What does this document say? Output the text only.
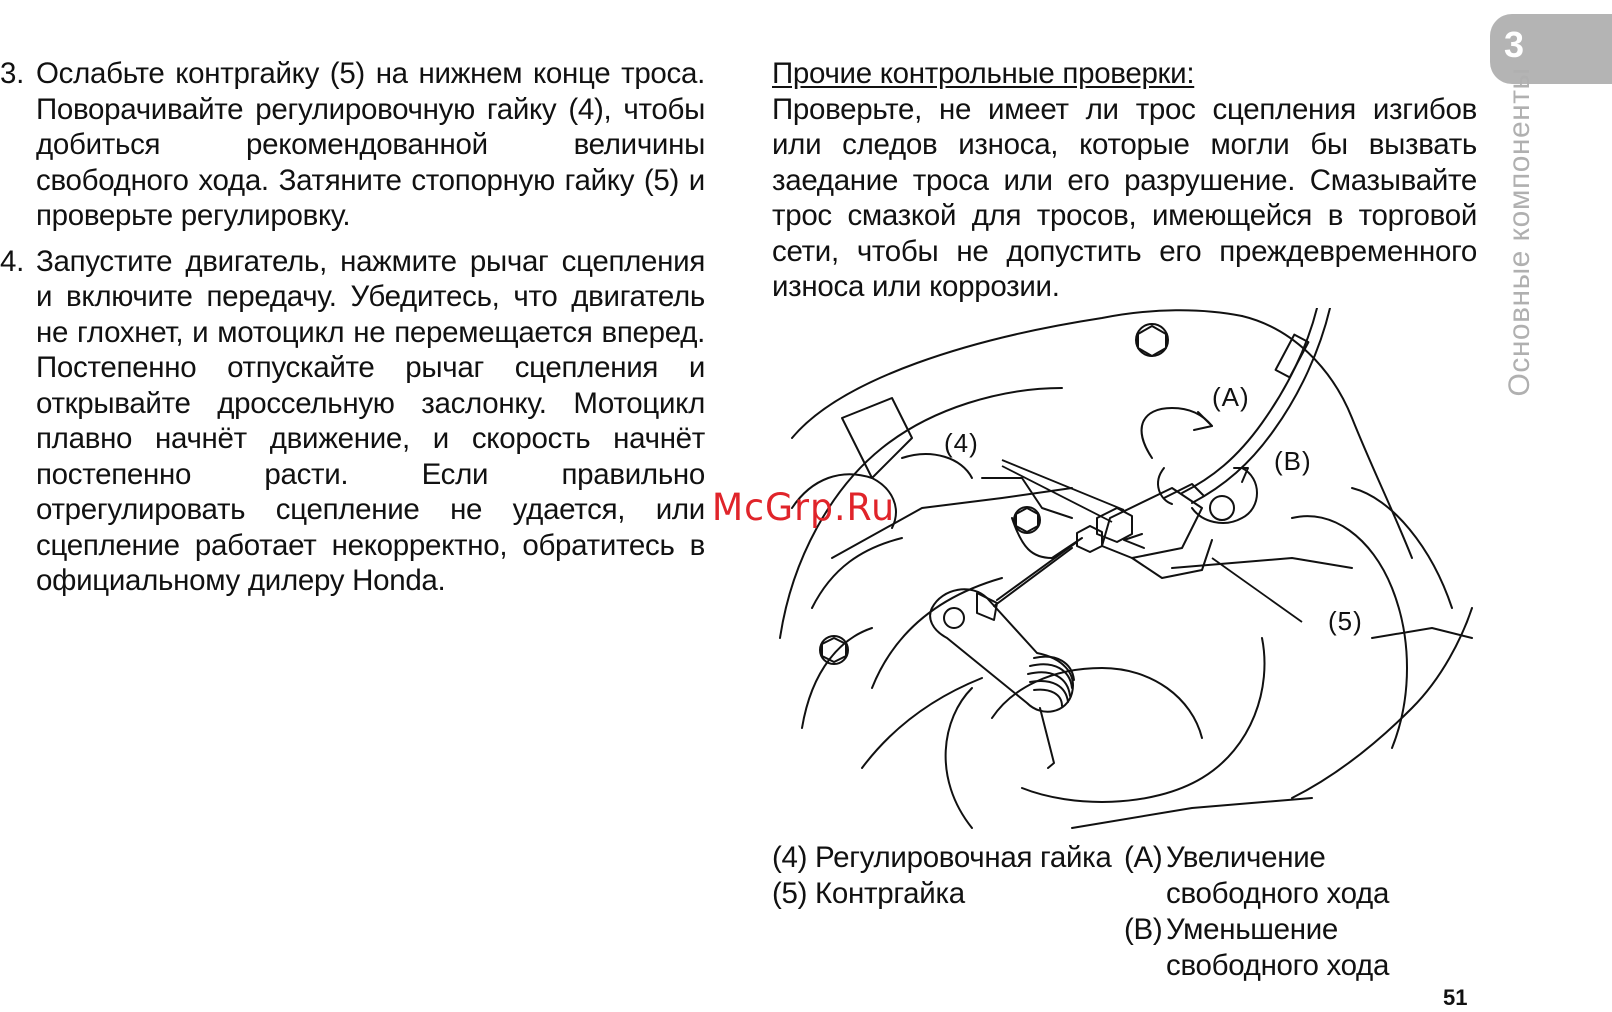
3
Основные компоненты
3. Ослабьте контргайку (5) на нижнем конце троса. Поворачивайте регулировочную гайку (4), чтобы добиться рекомендованной величины свободного хода. Затяните стопорную гайку (5) и проверьте регулировку.
4. Запустите двигатель, нажмите рычаг сцепления и включите передачу. Убедитесь, что двигатель не глохнет, и мотоцикл не перемещается вперед. Постепенно отпускайте рычаг сцепления и открывайте дроссельную заслонку. Мотоцикл плавно начнёт движение, и скорость начнёт постепенно расти. Если правильно отрегулировать сцепление не удается, или сцепление работает некорректно, обратитесь в официальному дилеру Honda.
Прочие контрольные проверки:
Проверьте, не имеет ли трос сцепления изгибов или следов износа, которые могли бы вызвать заедание троса или его разрушение. Смазывайте трос смазкой для тросов, имеющейся в торговой сети, чтобы не допустить его преждевременного износа или коррозии.
(4)
(A)
(B)
(5)
McGrp.Ru
(4) Регулировочная гайка
(5) Контргайка
(A) Увеличение
свободного хода
(B) Уменьшение
свободного хода
51
